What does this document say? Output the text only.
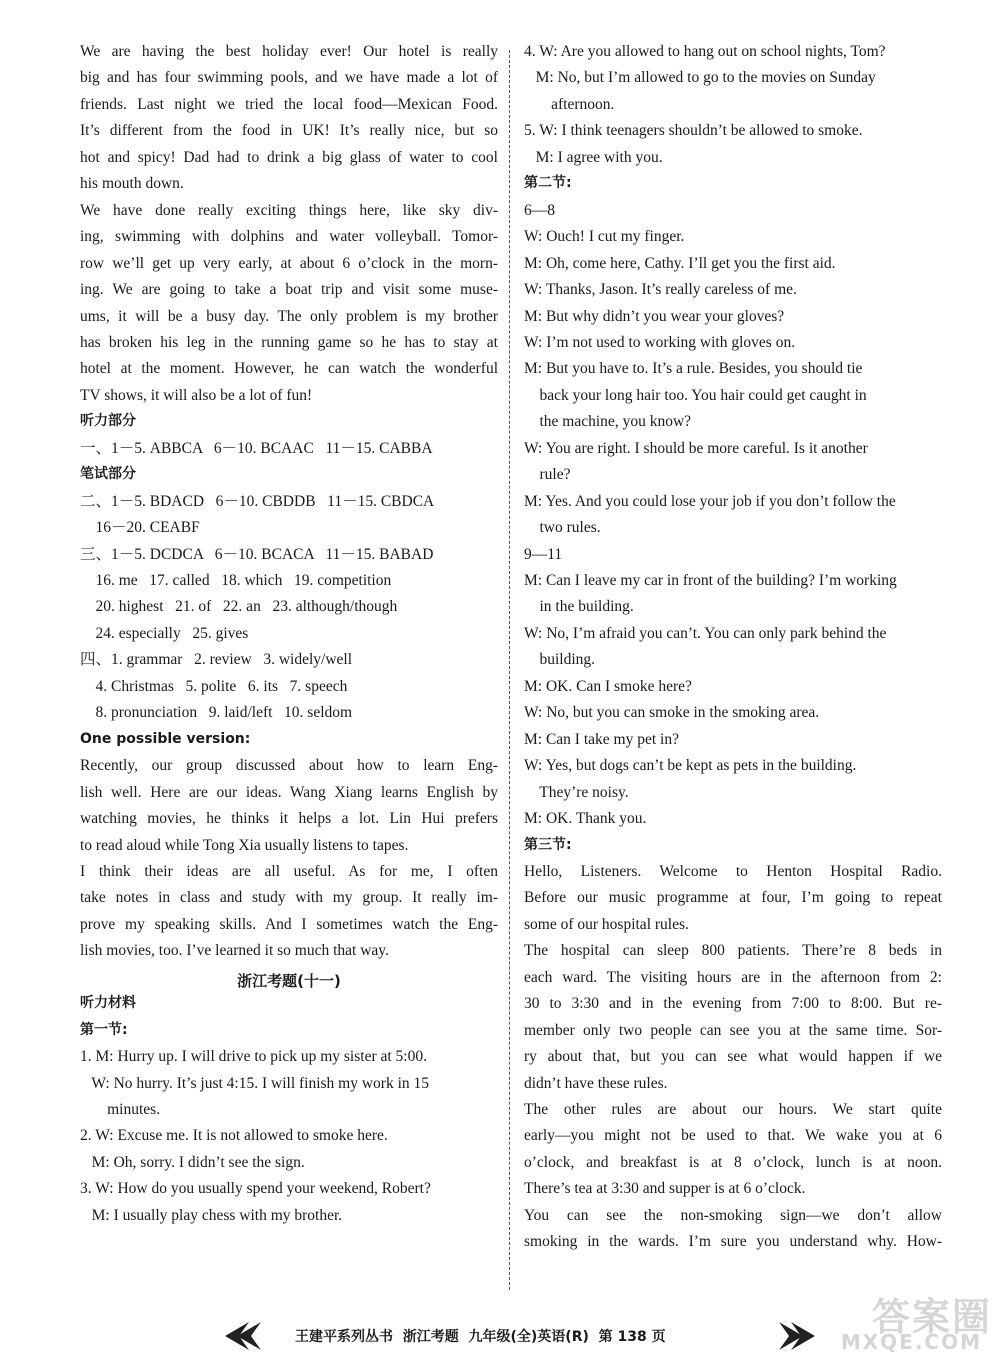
We are having the best holiday ever! Our hotel is really
big and has four swimming pools, and we have made a lot of
friends. Last night we tried the local food—Mexican Food.
It’s different from the food in UK! It’s really nice, but so
hot and spicy! Dad had to drink a big glass of water to cool
his mouth down.
We have done really exciting things here, like sky div-
ing, swimming with dolphins and water volleyball. Tomor-
row we’ll get up very early, at about 6 o’clock in the morn-
ing. We are going to take a boat trip and visit some muse-
ums, it will be a busy day. The only problem is my brother
has broken his leg in the running game so he has to stay at
hotel at the moment. However, he can watch the wonderful
TV shows, it will also be a lot of fun!
听力部分
一、1－5. ABBCA   6－10. BCAAC   11－15. CABBA
笔试部分
二、1－5. BDACD   6－10. CBDDB   11－15. CBDCA
16－20. CEABF
三、1－5. DCDCA   6－10. BCACA   11－15. BABAD
16. me   17. called   18. which   19. competition
20. highest   21. of   22. an   23. although/though
24. especially   25. gives
四、1. grammar   2. review   3. widely/well
4. Christmas   5. polite   6. its   7. speech
8. pronunciation   9. laid/left   10. seldom
One possible version:
Recently, our group discussed about how to learn Eng-
lish well. Here are our ideas. Wang Xiang learns English by
watching movies, he thinks it helps a lot. Lin Hui prefers
to read aloud while Tong Xia usually listens to tapes.
I think their ideas are all useful. As for me, I often
take notes in class and study with my group. It really im-
prove my speaking skills. And I sometimes watch the Eng-
lish movies, too. I’ve learned it so much that way.
浙江考题(十一)
听力材料
第一节:
1. M: Hurry up. I will drive to pick up my sister at 5:00.
W: No hurry. It’s just 4:15. I will finish my work in 15
minutes.
2. W: Excuse me. It is not allowed to smoke here.
M: Oh, sorry. I didn’t see the sign.
3. W: How do you usually spend your weekend, Robert?
M: I usually play chess with my brother.
4. W: Are you allowed to hang out on school nights, Tom?
M: No, but I’m allowed to go to the movies on Sunday
afternoon.
5. W: I think teenagers shouldn’t be allowed to smoke.
M: I agree with you.
第二节:
6—8
W: Ouch! I cut my finger.
M: Oh, come here, Cathy. I’ll get you the first aid.
W: Thanks, Jason. It’s really careless of me.
M: But why didn’t you wear your gloves?
W: I’m not used to working with gloves on.
M: But you have to. It’s a rule. Besides, you should tie
back your long hair too. You hair could get caught in
the machine, you know?
W: You are right. I should be more careful. Is it another
rule?
M: Yes. And you could lose your job if you don’t follow the
two rules.
9—11
M: Can I leave my car in front of the building? I’m working
in the building.
W: No, I’m afraid you can’t. You can only park behind the
building.
M: OK. Can I smoke here?
W: No, but you can smoke in the smoking area.
M: Can I take my pet in?
W: Yes, but dogs can’t be kept as pets in the building.
They’re noisy.
M: OK. Thank you.
第三节:
Hello, Listeners. Welcome to Henton Hospital Radio.
Before our music programme at four, I’m going to repeat
some of our hospital rules.
The hospital can sleep 800 patients. There’re 8 beds in
each ward. The visiting hours are in the afternoon from 2:
30 to 3:30 and in the evening from 7:00 to 8:00. But re-
member only two people can see you at the same time. Sor-
ry about that, but you can see what would happen if we
didn’t have these rules.
The other rules are about our hours. We start quite
early—you might not be used to that. We wake you at 6
o’clock, and breakfast is at 8 o’clock, lunch is at noon.
There’s tea at 3:30 and supper is at 6 o’clock.
You can see the non-smoking sign—we don’t allow
smoking in the wards. I’m sure you understand why. How-
王建平系列丛书  浙江考题  九年级(全)英语(R)  第 138 页	答案圈
MXQE.COM
